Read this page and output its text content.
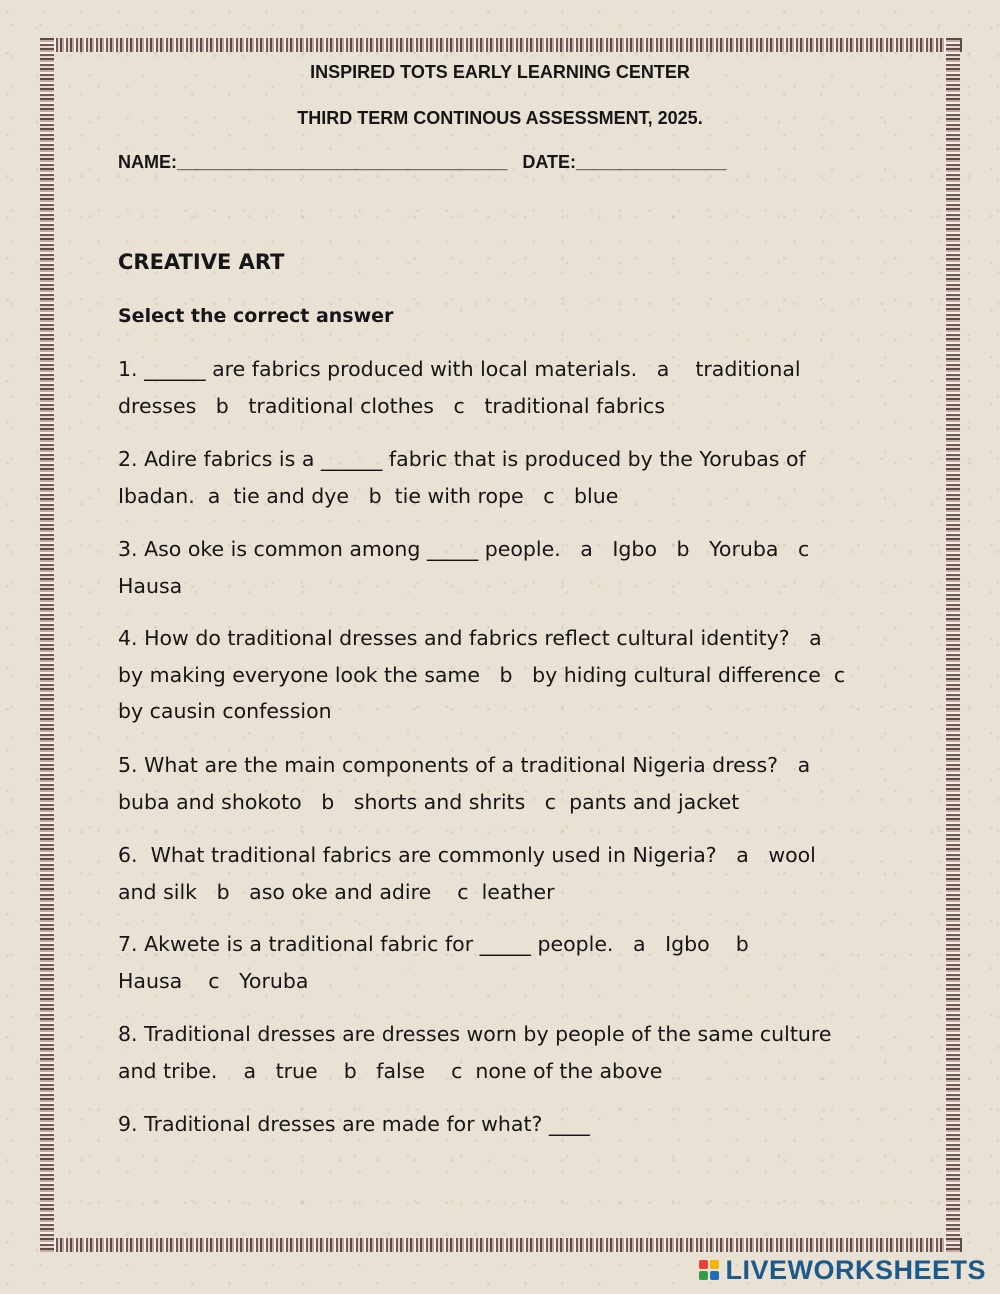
INSPIRED TOTS EARLY LEARNING CENTER
THIRD TERM CONTINOUS ASSESSMENT, 2025.
NAME:_________________________________   DATE:_______________
CREATIVE ART
Select the correct answer
1. ______ are fabrics produced with local materials.   a    traditional
dresses   b   traditional clothes   c   traditional fabrics
2. Adire fabrics is a ______ fabric that is produced by the Yorubas of
Ibadan.  a  tie and dye   b  tie with rope   c   blue
3. Aso oke is common among _____ people.   a   Igbo   b   Yoruba   c
Hausa
4. How do traditional dresses and fabrics reflect cultural identity?   a
by making everyone look the same   b   by hiding cultural difference  c
by causin confession
5. What are the main components of a traditional Nigeria dress?   a
buba and shokoto   b   shorts and shrits   c  pants and jacket
6.  What traditional fabrics are commonly used in Nigeria?   a   wool
and silk   b   aso oke and adire    c  leather
7. Akwete is a traditional fabric for _____ people.   a   Igbo    b
Hausa    c   Yoruba
8. Traditional dresses are dresses worn by people of the same culture
and tribe.    a   true    b   false    c  none of the above
9. Traditional dresses are made for what? ____
LIVEWORKSHEETS
